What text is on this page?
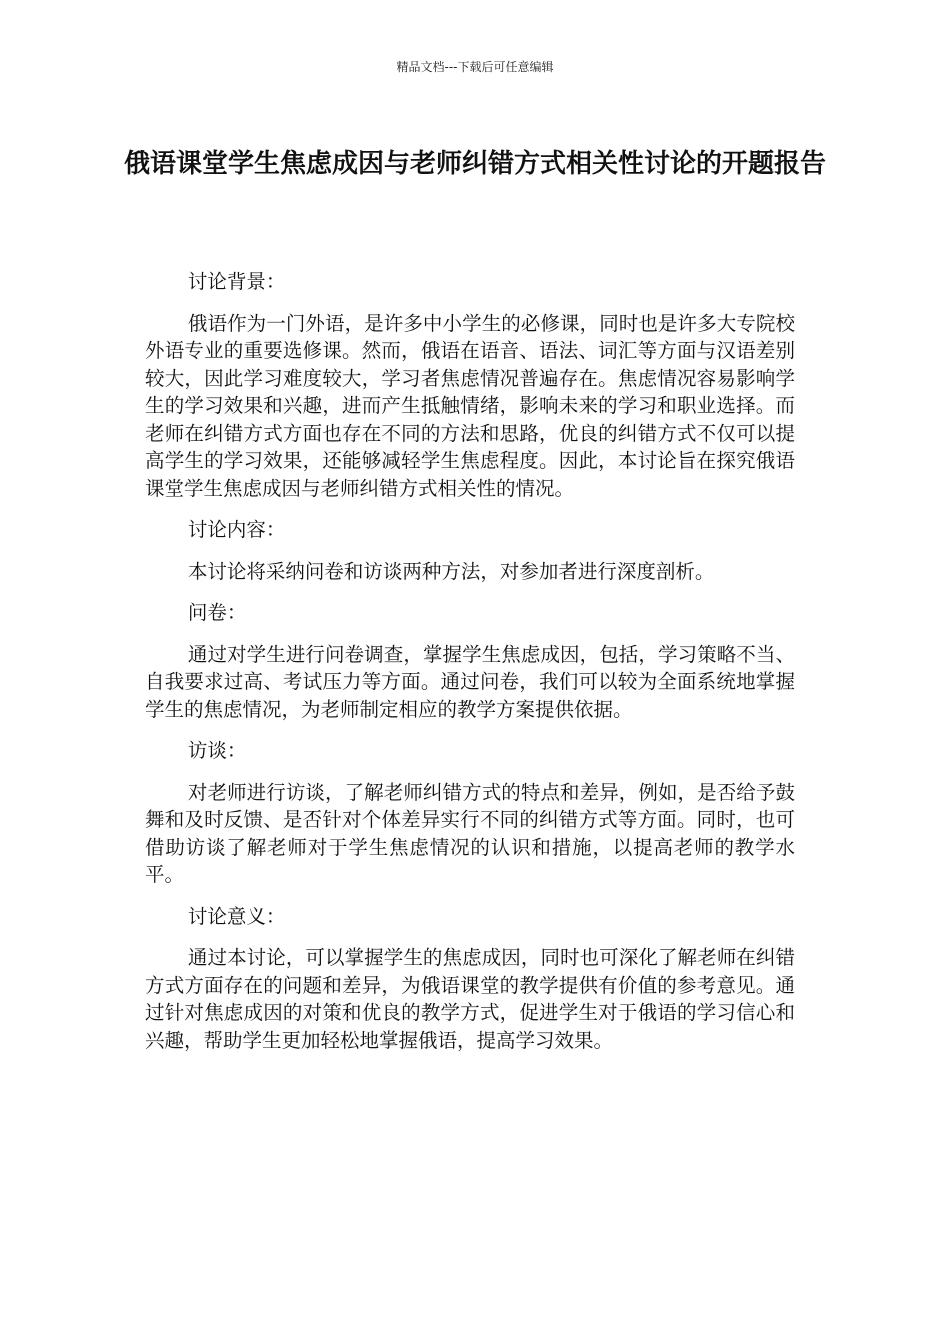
精品文档---下载后可任意编辑
俄语课堂学生焦虑成因与老师纠错方式相关性讨论的开题报告

讨论背景：

俄语作为一门外语，是许多中小学生的必修课，同时也是许多大专院校外语专业的重要选修课。然而，俄语在语音、语法、词汇等方面与汉语差别较大，因此学习难度较大，学习者焦虑情况普遍存在。焦虑情况容易影响学生的学习效果和兴趣，进而产生抵触情绪，影响未来的学习和职业选择。而老师在纠错方式方面也存在不同的方法和思路，优良的纠错方式不仅可以提高学生的学习效果，还能够减轻学生焦虑程度。因此，本讨论旨在探究俄语课堂学生焦虑成因与老师纠错方式相关性的情况。

讨论内容：

本讨论将采纳问卷和访谈两种方法，对参加者进行深度剖析。

问卷：

通过对学生进行问卷调查，掌握学生焦虑成因，包括，学习策略不当、自我要求过高、考试压力等方面。通过问卷，我们可以较为全面系统地掌握学生的焦虑情况，为老师制定相应的教学方案提供依据。

访谈：

对老师进行访谈，了解老师纠错方式的特点和差异，例如，是否给予鼓舞和及时反馈、是否针对个体差异实行不同的纠错方式等方面。同时，也可借助访谈了解老师对于学生焦虑情况的认识和措施，以提高老师的教学水平。

讨论意义：

通过本讨论，可以掌握学生的焦虑成因，同时也可深化了解老师在纠错方式方面存在的问题和差异，为俄语课堂的教学提供有价值的参考意见。通过针对焦虑成因的对策和优良的教学方式，促进学生对于俄语的学习信心和兴趣，帮助学生更加轻松地掌握俄语，提高学习效果。
